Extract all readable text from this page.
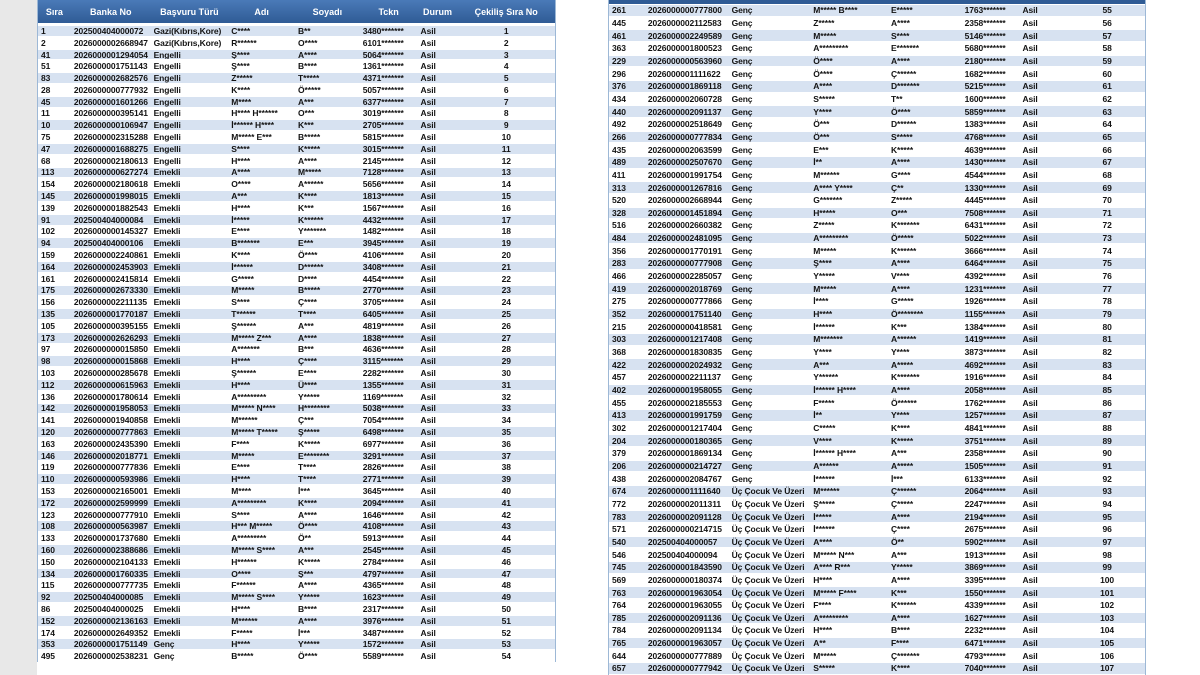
Sıra	Banka No	Başvuru Türü	Adı	Soyadı	Tckn	Durum	Çekiliş Sıra No
1	202500404000072	Gazi(Kıbrıs,Kore)	C****	B**	3480*******	Asil	1
2	2026000002668947 Gazi(Kıbrıs,Kore)	R******	O****	6101*******	Asil	2
41	2026000001294054 Engelli	Ş****	A****	5064*******	Asil	3
51	2026000001751143 Engelli	Ş****	B****	1361*******	Asil	4
83	2026000002682576 Engelli	Z*****	T*****	4371*******	Asil	5
28	2026000000777932 Engelli	K****	Ö*****	5057*******	Asil	6
45	2026000001601266 Engelli	M****	A***	6377*******	Asil	7
11	2026000000395141 Engelli	H**** H******	O***	3019*******	Asil	8
10	2026000000106947 Engelli	İ****** H****	K***	2705*******	Asil	9
75	2026000002315288 Engelli	M***** E***	B*****	5815*******	Asil	10
47	2026000001688275 Engelli	S****	K*****	3015*******	Asil	11
68	2026000002180613 Engelli	H****	A****	2145*******	Asil	12
113	2026000000627274 Emekli	A****	M*****	7128*******	Asil	13
154	2026000002180618 Emekli	O****	A******	5656*******	Asil	14
145	2026000001998015 Emekli	A***	K****	1813*******	Asil	15
139	2026000001882543 Emekli	H****	K***	1567*******	Asil	16
91	202500404000084	Emekli	İ*****	K******	4432*******	Asil	17
102	2026000000145327 Emekli	E****	Y*******	1482*******	Asil	18
94	202500404000106	Emekli	B*******	E***	3945*******	Asil	19
159	2026000002240861 Emekli	K****	Ö****	4106*******	Asil	20
164	2026000002453903 Emekli	İ******	D******	3408*******	Asil	21
161	2026000002415814 Emekli	G*****	D****	4454*******	Asil	22
175	2026000002673330 Emekli	M*****	B*****	2770*******	Asil	23
156	2026000002211135 Emekli	S****	Ç****	3705*******	Asil	24
135	2026000001770187 Emekli	T******	T****	6405*******	Asil	25
105	2026000000395155 Emekli	Ş******	A***	4819*******	Asil	26
173	2026000002626293 Emekli	M***** Z***	A****	1838*******	Asil	27
97	2026000000015850 Emekli	A*******	B***	4636*******	Asil	28
98	2026000000015868 Emekli	H****	Ç****	3115*******	Asil	29
103	2026000000285678 Emekli	Ş******	E****	2282*******	Asil	30
112	2026000000615963 Emekli	H****	Ü****	1355*******	Asil	31
136	2026000001780614 Emekli	A*********	Y*****	1169*******	Asil	32
142	2026000001958053 Emekli	M***** N****	H********	5038*******	Asil	33
141	2026000001940858 Emekli	M******	Ç***	7054*******	Asil	34
120	2026000000777863 Emekli	M***** T*****	Ş*****	6498*******	Asil	35
163	2026000002435390 Emekli	F****	K*****	6977*******	Asil	36
146	2026000002018771 Emekli	M*****	E********	3291*******	Asil	37
119	2026000000777836 Emekli	E****	T****	2826*******	Asil	38
110	2026000000593986 Emekli	H****	T****	2771*******	Asil	39
153	2026000002165001 Emekli	M****	İ***	3645*******	Asil	40
172	2026000002599999 Emekli	A*********	K****	2094*******	Asil	41
123	2026000000777910 Emekli	S****	A****	1646*******	Asil	42
108	2026000000563987 Emekli	H*** M*****	Ö****	4108*******	Asil	43
133	2026000001737680 Emekli	A*********	Ö**	5913*******	Asil	44
160	2026000002388686 Emekli	M***** S****	A***	2545*******	Asil	45
150	2026000002104133 Emekli	H******	K*****	2784*******	Asil	46
134	2026000001760335 Emekli	O****	Ş***	4797*******	Asil	47
115	2026000000777735 Emekli	F******	A****	4365*******	Asil	48
92	202500404000085	Emekli	M***** S****	Y*****	1623*******	Asil	49
86	202500404000025	Emekli	H****	B****	2317*******	Asil	50
152	2026000002136163 Emekli	M******	A****	3976*******	Asil	51
174	2026000002649352 Emekli	F*****	İ***	3487*******	Asil	52
353	2026000001751149 Genç	H****	Y*****	1572*******	Asil	53
495	2026000002538231 Genç	B*****	Ö****	5589*******	Asil	54
261	2026000000777800	Genç	M***** B****	E*****	1763*******	Asil	55
445	2026000002112583	Genç	Z*****	A****	2358*******	Asil	56
461	2026000002249589	Genç	M*****	S****	5146*******	Asil	57
363	2026000001800523	Genç	A*********	E*******	5680*******	Asil	58
229	2026000000563960	Genç	Ö****	A****	2180*******	Asil	59
296	2026000001111622	Genç	Ö****	Ç******	1682*******	Asil	60
376	2026000001869118	Genç	A****	D*******	5215*******	Asil	61
434	2026000002060728	Genç	S*****	T**	1600*******	Asil	62
440	2026000002091137	Genç	Y****	Ö****	5859*******	Asil	63
492	2026000002518649	Genç	Ö***	D******	1383*******	Asil	64
266	2026000000777834	Genç	Ö***	S*****	4768*******	Asil	65
435	2026000002063599	Genç	E***	K*****	4639*******	Asil	66
489	2026000002507670	Genç	İ**	A****	1430*******	Asil	67
411	2026000001991754	Genç	M******	G****	4544*******	Asil	68
313	2026000001267816	Genç	A**** Y****	Ç**	1330*******	Asil	69
520	2026000002668944	Genç	G*******	Z*****	4445*******	Asil	70
328	2026000001451894	Genç	H*****	O***	7508*******	Asil	71
516	2026000002660382	Genç	Z*****	K*******	6431*******	Asil	72
484	2026000002481095	Genç	A*********	Ö*****	5022*******	Asil	73
356	2026000001770191	Genç	M*****	K******	3666*******	Asil	74
283	2026000000777908	Genç	Ş****	A****	6464*******	Asil	75
466	2026000002285057	Genç	Y*****	V****	4392*******	Asil	76
419	2026000002018769	Genç	M*****	A****	1231*******	Asil	77
275	2026000000777866	Genç	İ****	G*****	1926*******	Asil	78
352	2026000001751140	Genç	H****	Ö********	1155*******	Asil	79
215	2026000000418581	Genç	İ******	K***	1384*******	Asil	80
303	2026000001217408	Genç	M*******	A******	1419*******	Asil	81
368	2026000001830835	Genç	Y****	Y****	3873*******	Asil	82
422	2026000002024932	Genç	A***	A*****	4692*******	Asil	83
457	2026000002211137	Genç	Y******	K*******	1916*******	Asil	84
402	2026000001958055	Genç	İ****** H****	A****	2058*******	Asil	85
455	2026000002185553	Genç	F*****	Ö******	1762*******	Asil	86
413	2026000001991759	Genç	İ**	Y****	1257*******	Asil	87
302	2026000001217404	Genç	C*****	K****	4841*******	Asil	88
204	2026000000180365	Genç	V****	K*****	3751*******	Asil	89
379	2026000001869134	Genç	İ****** H****	A***	2358*******	Asil	90
206	2026000000214727	Genç	A******	A*****	1505*******	Asil	91
438	2026000002084767	Genç	İ******	İ***	6133*******	Asil	92
674	2026000001111640	Üç Çocuk Ve Üzeri	M******	Ç******	2064*******	Asil	93
772	2026000002011311	Üç Çocuk Ve Üzeri	Ş*****	Ç*****	2247*******	Asil	94
783	2026000002091128	Üç Çocuk Ve Üzeri	İ*****	A****	2194*******	Asil	95
571	2026000000214715	Üç Çocuk Ve Üzeri	İ******	Ç****	2675*******	Asil	96
540	202500404000057	Üç Çocuk Ve Üzeri	A****	Ö**	5902*******	Asil	97
546	202500404000094	Üç Çocuk Ve Üzeri	M***** N***	A***	1913*******	Asil	98
745	2026000001843590	Üç Çocuk Ve Üzeri	A**** R***	Y*****	3869*******	Asil	99
569	2026000000180374	Üç Çocuk Ve Üzeri	H****	A****	3395*******	Asil	100
763	2026000001963054	Üç Çocuk Ve Üzeri	M***** F****	K***	1550*******	Asil	101
764	2026000001963055	Üç Çocuk Ve Üzeri	F****	K******	4339*******	Asil	102
785	2026000002091136	Üç Çocuk Ve Üzeri	A*********	A****	1627*******	Asil	103
784	2026000002091134	Üç Çocuk Ve Üzeri	H****	B****	2232*******	Asil	104
765	2026000001963057	Üç Çocuk Ve Üzeri	A**	F****	6471*******	Asil	105
644	2026000000777889	Üç Çocuk Ve Üzeri	M*****	Ç*******	4793*******	Asil	106
657	2026000000777942	Üç Çocuk Ve Üzeri	S*****	K****	7040*******	Asil	107
